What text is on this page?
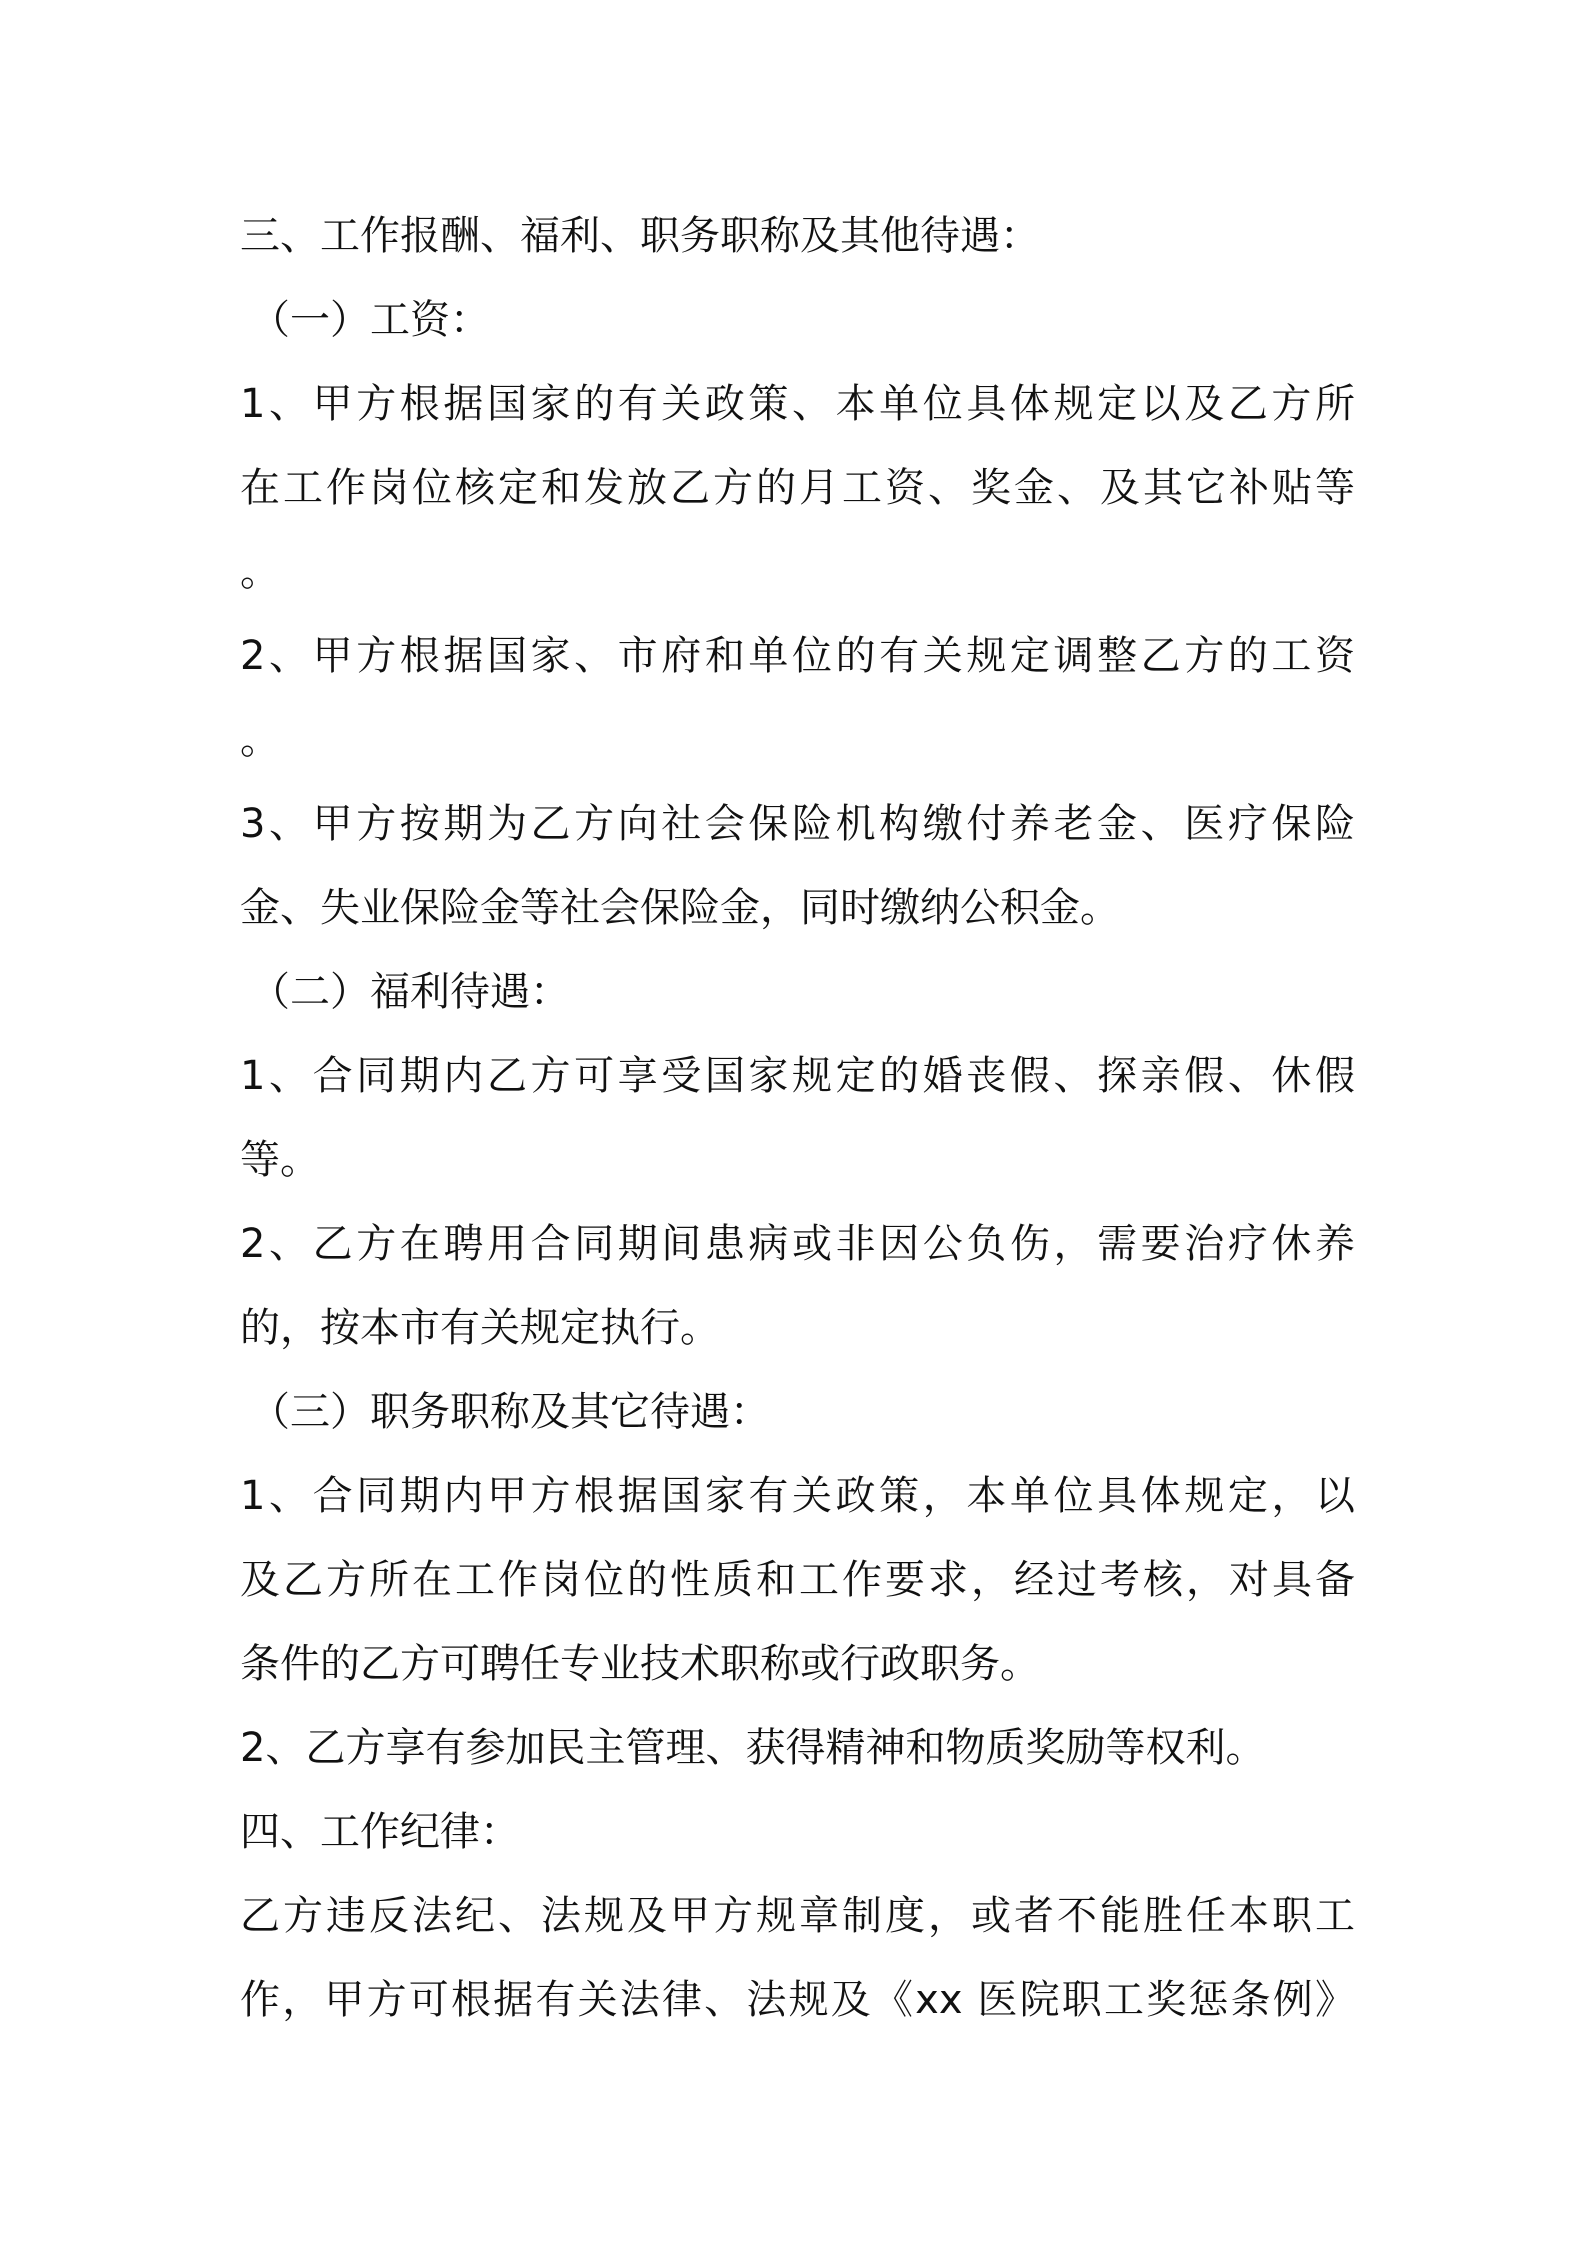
三、工作报酬、福利、职务职称及其他待遇：
（一）工资：
1、甲方根据国家的有关政策、本单位具体规定以及乙方所
在工作岗位核定和发放乙方的月工资、奖金、及其它补贴等
。
2、甲方根据国家、市府和单位的有关规定调整乙方的工资
。
3、甲方按期为乙方向社会保险机构缴付养老金、医疗保险
金、失业保险金等社会保险金，同时缴纳公积金。
（二）福利待遇：
1、合同期内乙方可享受国家规定的婚丧假、探亲假、休假
等。
2、乙方在聘用合同期间患病或非因公负伤，需要治疗休养
的，按本市有关规定执行。
（三）职务职称及其它待遇：
1、合同期内甲方根据国家有关政策，本单位具体规定，以
及乙方所在工作岗位的性质和工作要求，经过考核，对具备
条件的乙方可聘任专业技术职称或行政职务。
2、乙方享有参加民主管理、获得精神和物质奖励等权利。
四、工作纪律：
乙方违反法纪、法规及甲方规章制度，或者不能胜任本职工
作，甲方可根据有关法律、法规及《xx 医院职工奖惩条例》
